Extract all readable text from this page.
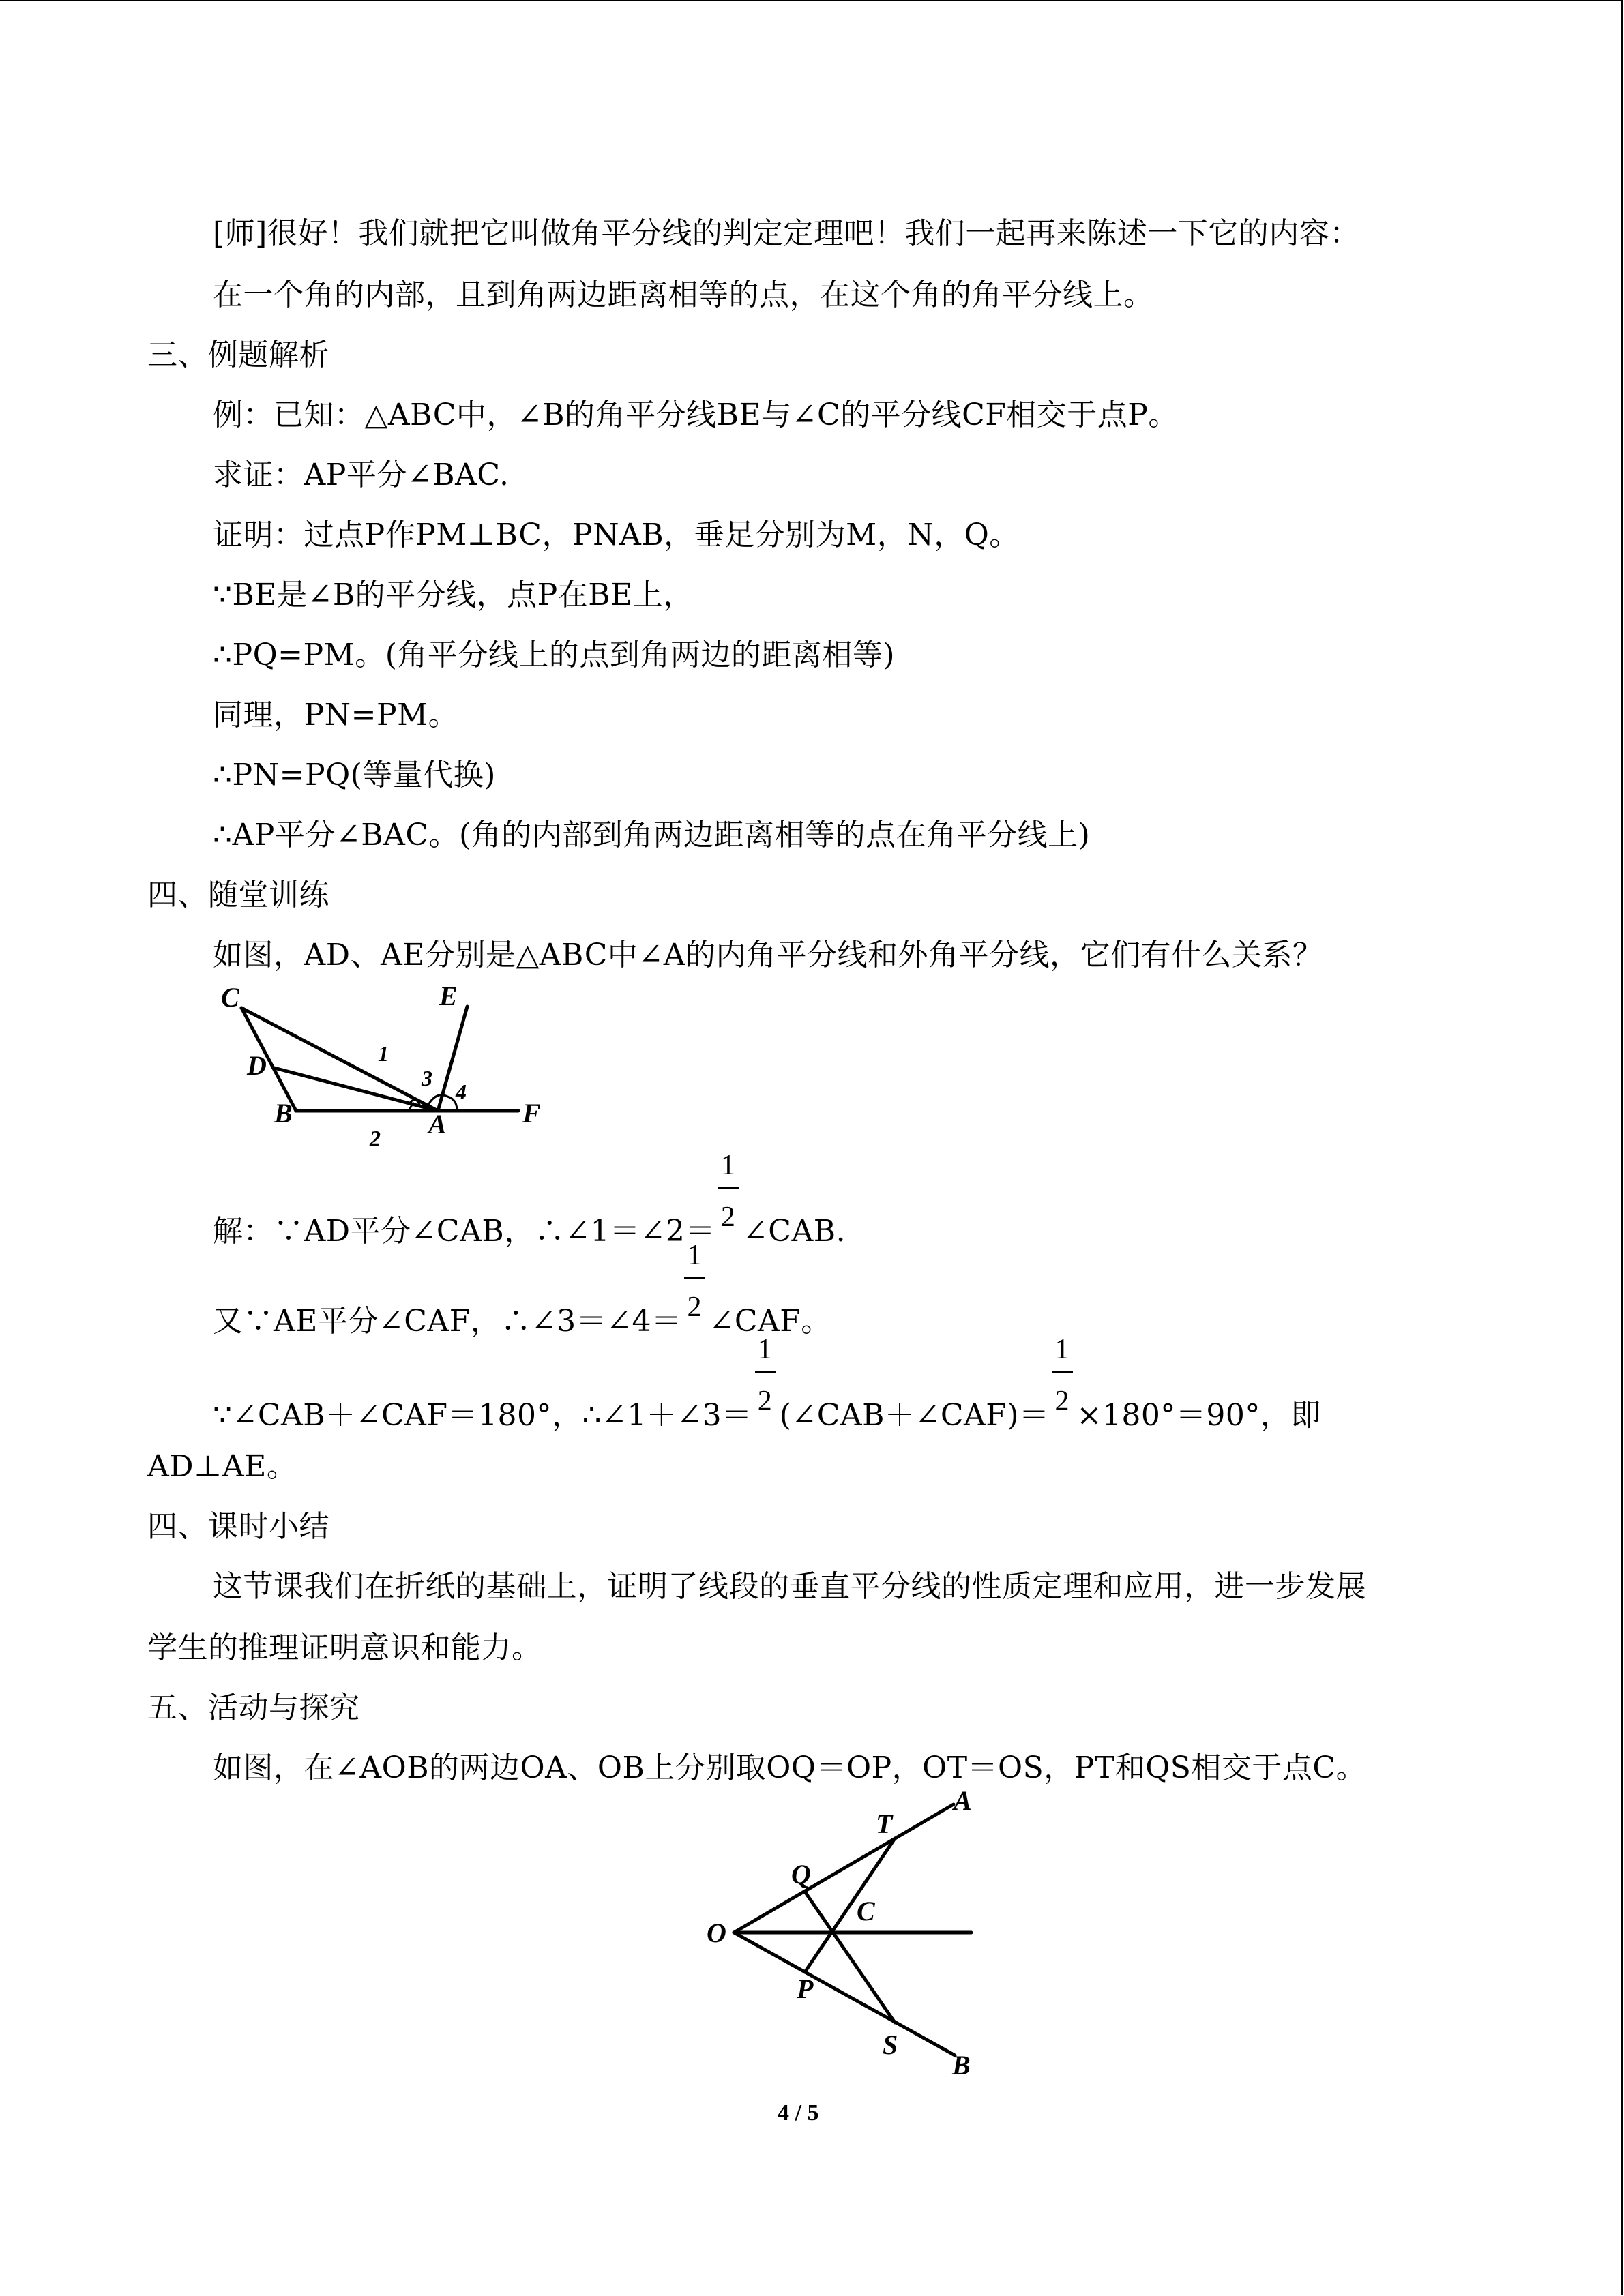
[师]很好！我们就把它叫做角平分线的判定定理吧！我们一起再来陈述一下它的内容：
在一个角的内部，且到角两边距离相等的点，在这个角的角平分线上。
三、例题解析
例：已知：△ABC中，∠B的角平分线BE与∠C的平分线CF相交于点P。
求证：AP平分∠BAC.
证明：过点P作PM⊥BC，PNAB，垂足分别为M，N，Q。
∵BE是∠B的平分线，点P在BE上，
∴PQ=PM。(角平分线上的点到角两边的距离相等)
同理，PN=PM。
∴PN=PQ(等量代换)
∴AP平分∠BAC。(角的内部到角两边距离相等的点在角平分线上)
四、随堂训练
如图，AD、AE分别是△ABC中∠A的内角平分线和外角平分线，它们有什么关系？
C	E
D
B	A	F
1
2
3
4
解：∵AD平分∠CAB，∴∠1＝∠2＝ $\frac{1}{2}$ ∠CAB.
又∵AE平分∠CAF，∴∠3＝∠4＝ $\frac{1}{2}$ ∠CAF。
∵∠CAB＋∠CAF＝180°，∴∠1＋∠3＝ $\frac{1}{2}$ (∠CAB＋∠CAF)＝ $\frac{1}{2} \times 180^\circ=90^\circ$，即
AD⊥AE。
四、课时小结
这节课我们在折纸的基础上，证明了线段的垂直平分线的性质定理和应用，进一步发展
学生的推理证明意识和能力。
五、活动与探究
如图，在∠AOB的两边OA、OB上分别取OQ＝OP，OT＝OS，PT和QS相交于点C。
O
Q
T
A
C
P
S
B
4 / 5
